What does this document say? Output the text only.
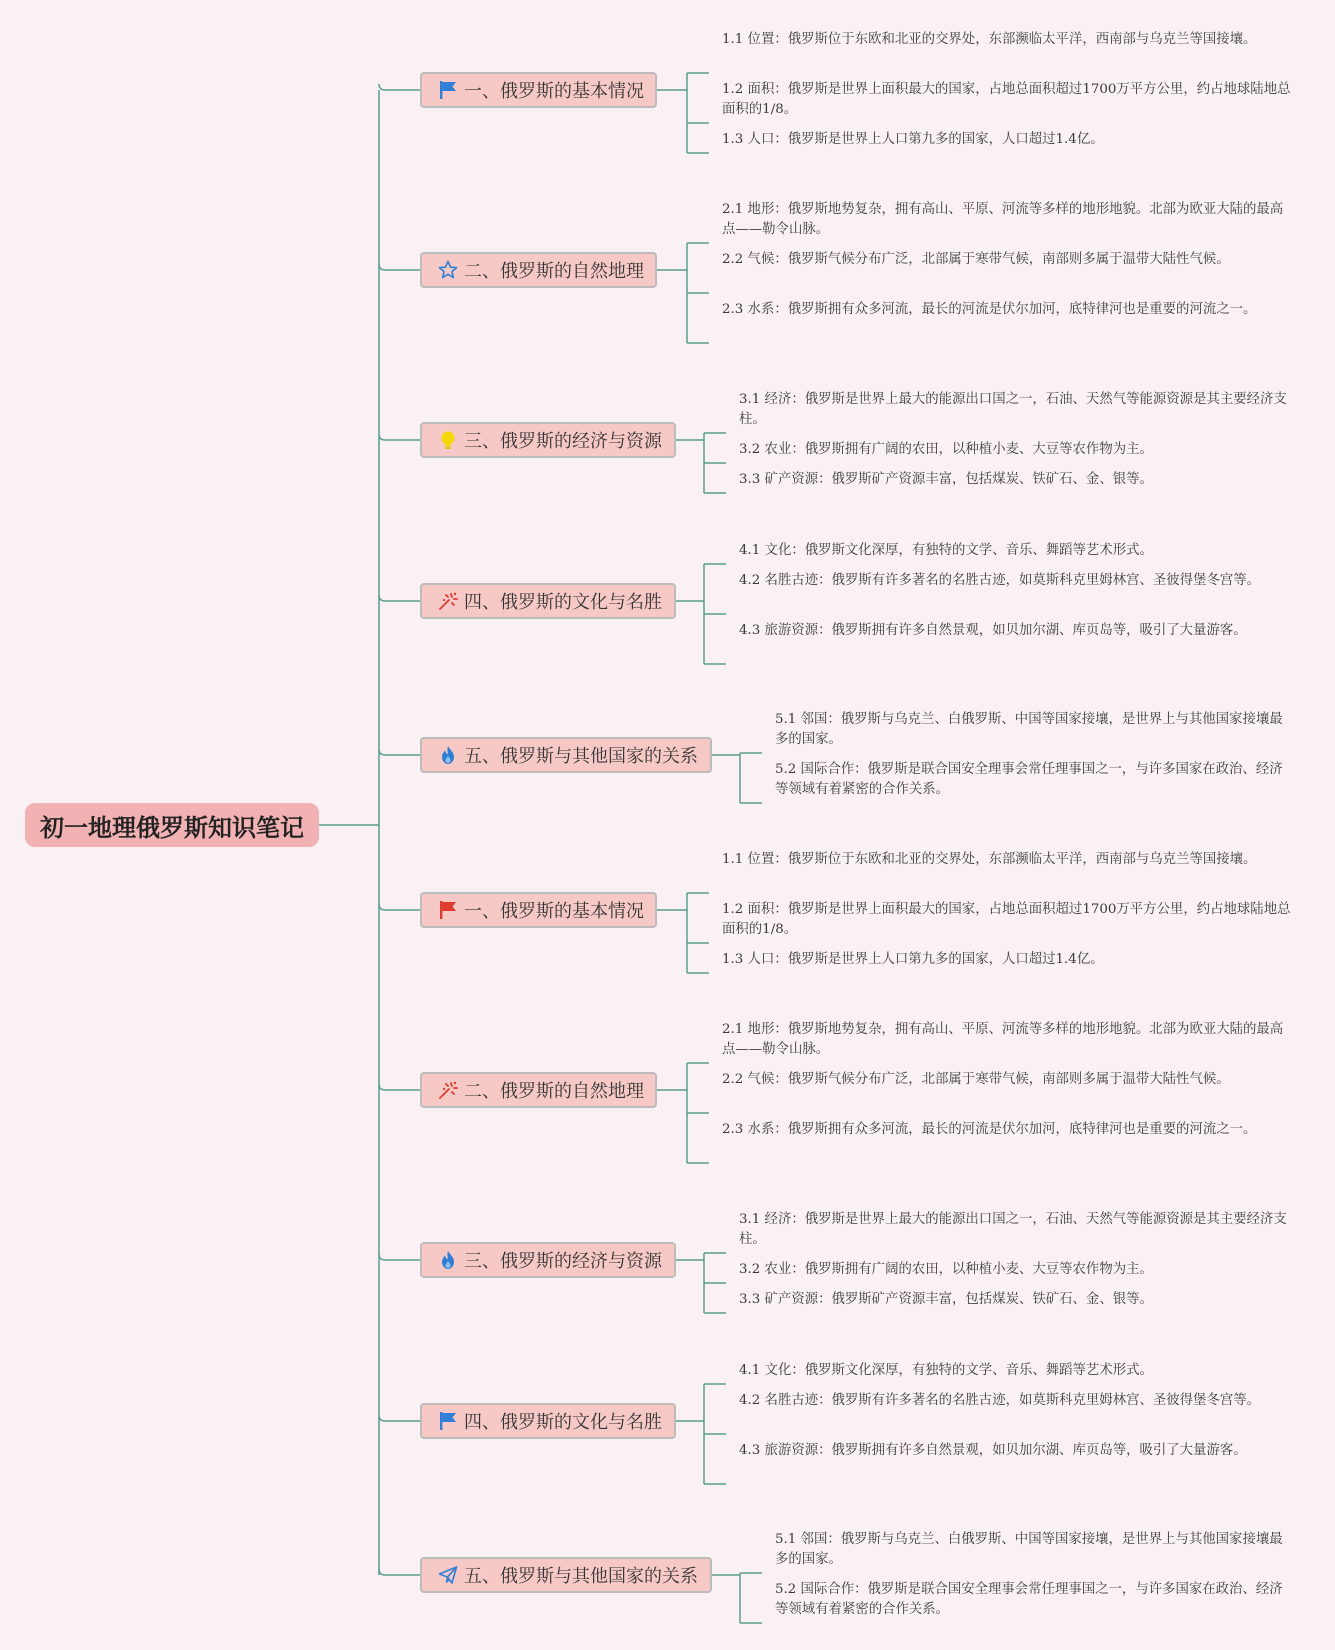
初一地理俄罗斯知识笔记
一、俄罗斯的基本情况
1.1 位置：俄罗斯位于东欧和北亚的交界处，东部濒临太平洋，西南部与乌克兰等国接壤。
1.2 面积：俄罗斯是世界上面积最大的国家，占地总面积超过1700万平方公里，约占地球陆地总面积的1/8。
1.3 人口：俄罗斯是世界上人口第九多的国家，人口超过1.4亿。
二、俄罗斯的自然地理
2.1 地形：俄罗斯地势复杂，拥有高山、平原、河流等多样的地形地貌。北部为欧亚大陆的最高点——勒令山脉。
2.2 气候：俄罗斯气候分布广泛，北部属于寒带气候，南部则多属于温带大陆性气候。
2.3 水系：俄罗斯拥有众多河流，最长的河流是伏尔加河，底特律河也是重要的河流之一。
三、俄罗斯的经济与资源
3.1 经济：俄罗斯是世界上最大的能源出口国之一，石油、天然气等能源资源是其主要经济支柱。
3.2 农业：俄罗斯拥有广阔的农田，以种植小麦、大豆等农作物为主。
3.3 矿产资源：俄罗斯矿产资源丰富，包括煤炭、铁矿石、金、银等。
四、俄罗斯的文化与名胜
4.1 文化：俄罗斯文化深厚，有独特的文学、音乐、舞蹈等艺术形式。
4.2 名胜古迹：俄罗斯有许多著名的名胜古迹，如莫斯科克里姆林宫、圣彼得堡冬宫等。
4.3 旅游资源：俄罗斯拥有许多自然景观，如贝加尔湖、库页岛等，吸引了大量游客。
五、俄罗斯与其他国家的关系
5.1 邻国：俄罗斯与乌克兰、白俄罗斯、中国等国家接壤，是世界上与其他国家接壤最多的国家。
5.2 国际合作：俄罗斯是联合国安全理事会常任理事国之一，与许多国家在政治、经济等领域有着紧密的合作关系。
一、俄罗斯的基本情况
1.1 位置：俄罗斯位于东欧和北亚的交界处，东部濒临太平洋，西南部与乌克兰等国接壤。
1.2 面积：俄罗斯是世界上面积最大的国家，占地总面积超过1700万平方公里，约占地球陆地总面积的1/8。
1.3 人口：俄罗斯是世界上人口第九多的国家，人口超过1.4亿。
二、俄罗斯的自然地理
2.1 地形：俄罗斯地势复杂，拥有高山、平原、河流等多样的地形地貌。北部为欧亚大陆的最高点——勒令山脉。
2.2 气候：俄罗斯气候分布广泛，北部属于寒带气候，南部则多属于温带大陆性气候。
2.3 水系：俄罗斯拥有众多河流，最长的河流是伏尔加河，底特律河也是重要的河流之一。
三、俄罗斯的经济与资源
3.1 经济：俄罗斯是世界上最大的能源出口国之一，石油、天然气等能源资源是其主要经济支柱。
3.2 农业：俄罗斯拥有广阔的农田，以种植小麦、大豆等农作物为主。
3.3 矿产资源：俄罗斯矿产资源丰富，包括煤炭、铁矿石、金、银等。
四、俄罗斯的文化与名胜
4.1 文化：俄罗斯文化深厚，有独特的文学、音乐、舞蹈等艺术形式。
4.2 名胜古迹：俄罗斯有许多著名的名胜古迹，如莫斯科克里姆林宫、圣彼得堡冬宫等。
4.3 旅游资源：俄罗斯拥有许多自然景观，如贝加尔湖、库页岛等，吸引了大量游客。
五、俄罗斯与其他国家的关系
5.1 邻国：俄罗斯与乌克兰、白俄罗斯、中国等国家接壤，是世界上与其他国家接壤最多的国家。
5.2 国际合作：俄罗斯是联合国安全理事会常任理事国之一，与许多国家在政治、经济等领域有着紧密的合作关系。
